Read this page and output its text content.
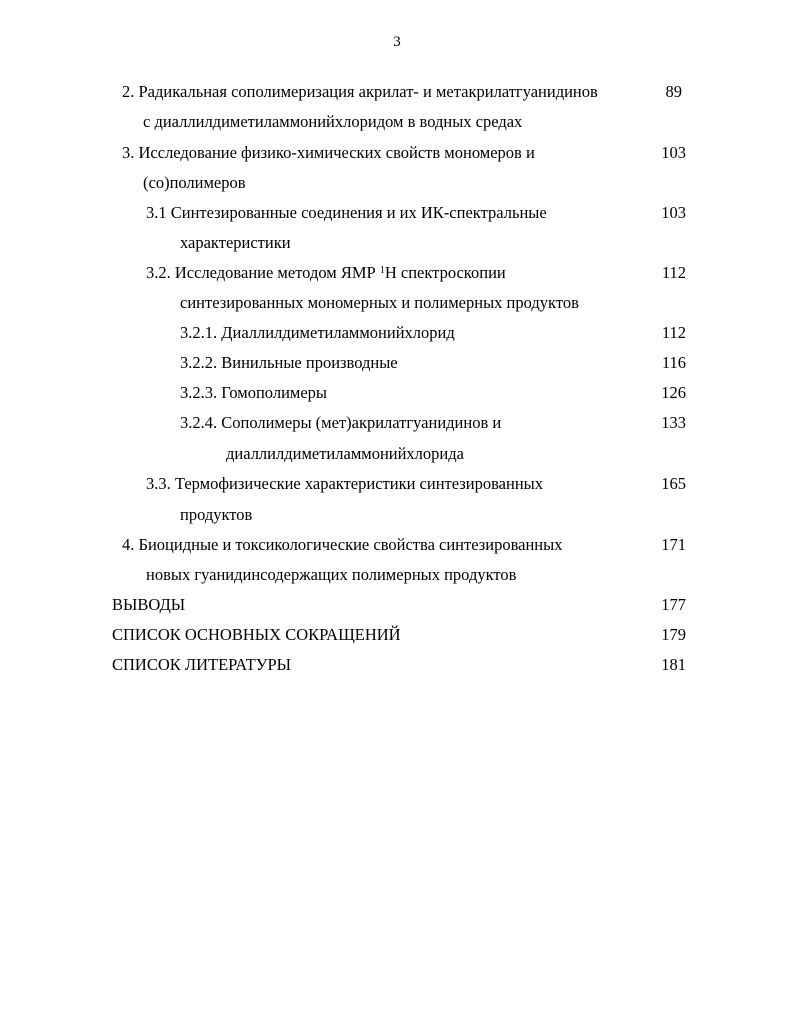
3
2. Радикальная сополимеризация акрилат- и метакрилатгуанидинов	89
с диаллилдиметиламмонийхлоридом в водных средах
3. Исследование физико-химических свойств мономеров и	103
(со)полимеров
3.1 Синтезированные соединения и их ИК-спектральные	103
характеристики
3.2. Исследование методом ЯМР $^1$Н спектроскопии	112
синтезированных мономерных и полимерных продуктов
3.2.1. Диаллилдиметиламмонийхлорид	112
3.2.2. Винильные производные	116
3.2.3. Гомополимеры	126
3.2.4. Сополимеры (мет)акрилатгуанидинов и	133
диаллилдиметиламмонийхлорида
3.3. Термофизические характеристики синтезированных	165
продуктов
4. Биоцидные и токсикологические свойства синтезированных	171
новых гуанидинсодержащих полимерных продуктов
ВЫВОДЫ	177
СПИСОК ОСНОВНЫХ СОКРАЩЕНИЙ	179
СПИСОК ЛИТЕРАТУРЫ	181
